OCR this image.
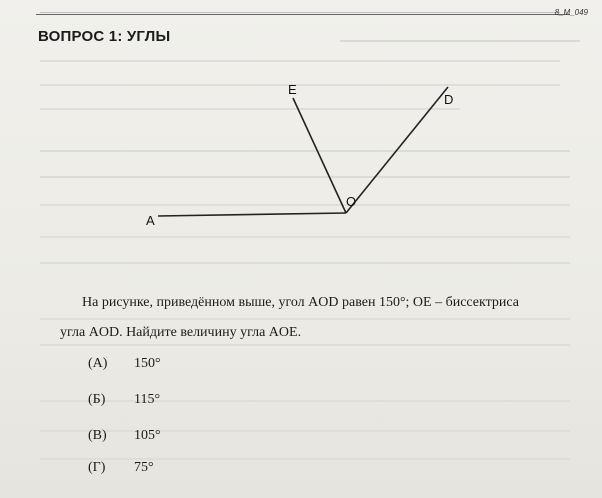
8_M_049
ВОПРОС 1: УГЛЫ
E
D
O
A
На рисунке, приведённом выше, угол AOD равен 150°; OE – биссектриса
угла AOD. Найдите величину угла AOE.
(А) 150°
(Б) 115°
(В) 105°
(Г) 75°
